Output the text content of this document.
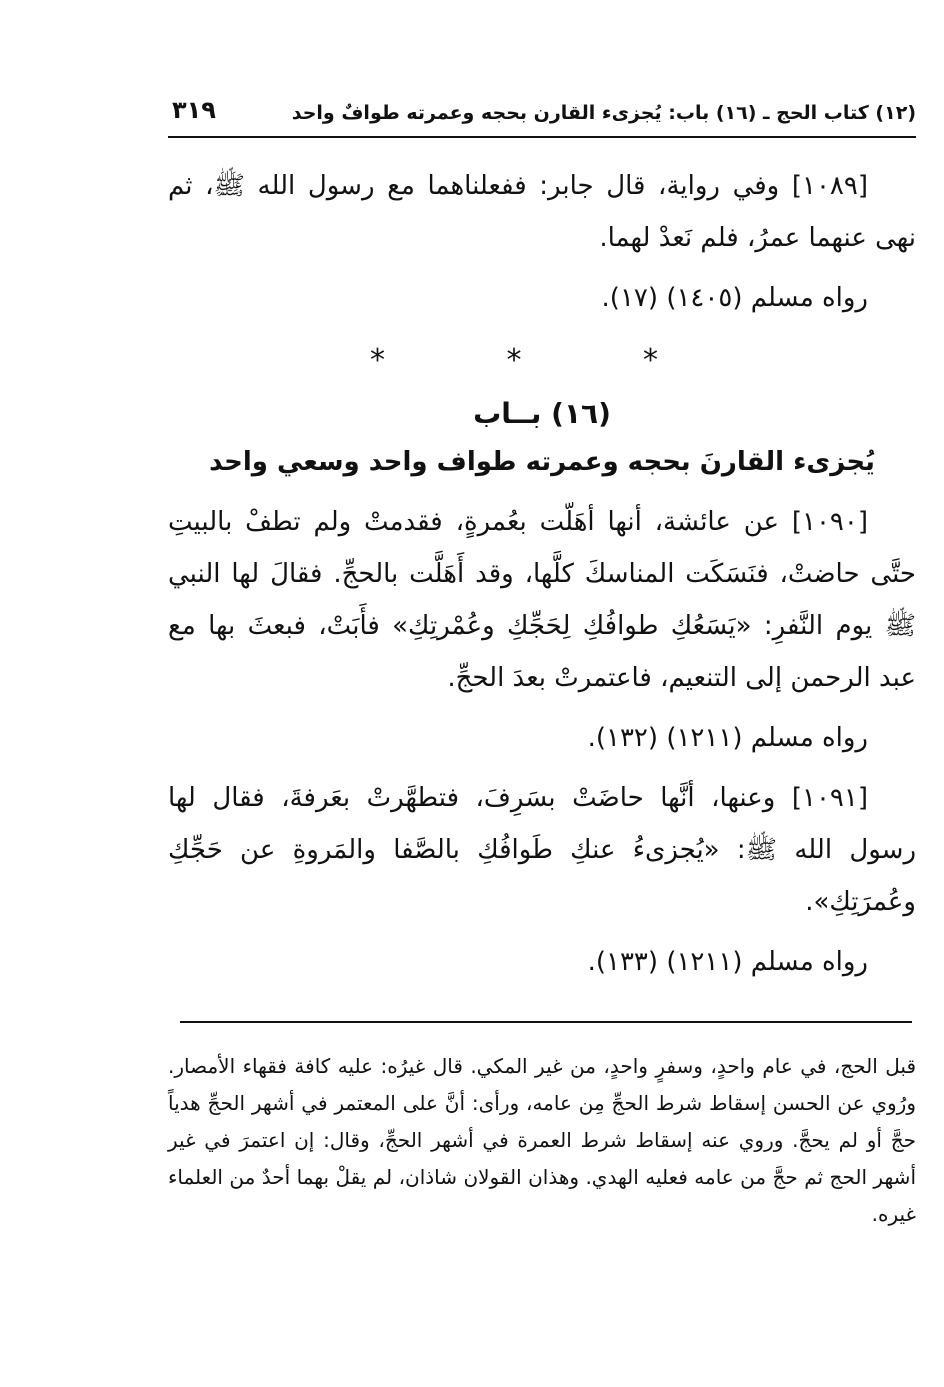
(١٢) كتاب الحج ـ (١٦) باب: يُجزىء القارن بحجه وعمرته طوافٌ واحد
٣١٩

[١٠٨٩] وفي رواية، قال جابر: ففعلناهما مع رسول الله ﷺ، ثم نهى عنهما عمرُ، فلم نَعدْ لهما.

رواه مسلم (١٤٠٥) (١٧).

* * *
(١٦) بــاب
يُجزىء القارنَ بحجه وعمرته طواف واحد وسعي واحد

[١٠٩٠] عن عائشة، أنها أهَلّت بعُمرةٍ، فقدمتْ ولم تطفْ بالبيتِ حتَّى حاضتْ، فنَسَكَت المناسكَ كلَّها، وقد أَهَلَّت بالحجِّ. فقالَ لها النبي ﷺ يوم النَّفرِ: «يَسَعُكِ طوافُكِ لِحَجِّكِ وعُمْرتِكِ» فأَبَتْ، فبعثَ بها مع عبد الرحمن إلى التنعيم، فاعتمرتْ بعدَ الحجِّ.

رواه مسلم (١٢١١) (١٣٢).

[١٠٩١] وعنها، أنَّها حاضَتْ بسَرِفَ، فتطهَّرتْ بعَرفةَ، فقال لها رسول الله ﷺ: «يُجزىءُ عنكِ طَوافُكِ بالصَّفا والمَروةِ عن حَجِّكِ وعُمرَتِكِ».

رواه مسلم (١٢١١) (١٣٣).

قبل الحج، في عام واحدٍ، وسفرٍ واحدٍ، من غير المكي. قال غيرُه: عليه كافة فقهاء الأمصار. ورُوي عن الحسن إسقاط شرط الحجِّ مِن عامه، ورأى: أنَّ على المعتمر في أشهر الحجِّ هدياً حجَّ أو لم يحجَّ. وروي عنه إسقاط شرط العمرة في أشهر الحجِّ، وقال: إن اعتمرَ في غير أشهر الحج ثم حجَّ من عامه فعليه الهدي. وهذان القولان شاذان، لم يقلْ بهما أحدٌ من العلماء غيره.
